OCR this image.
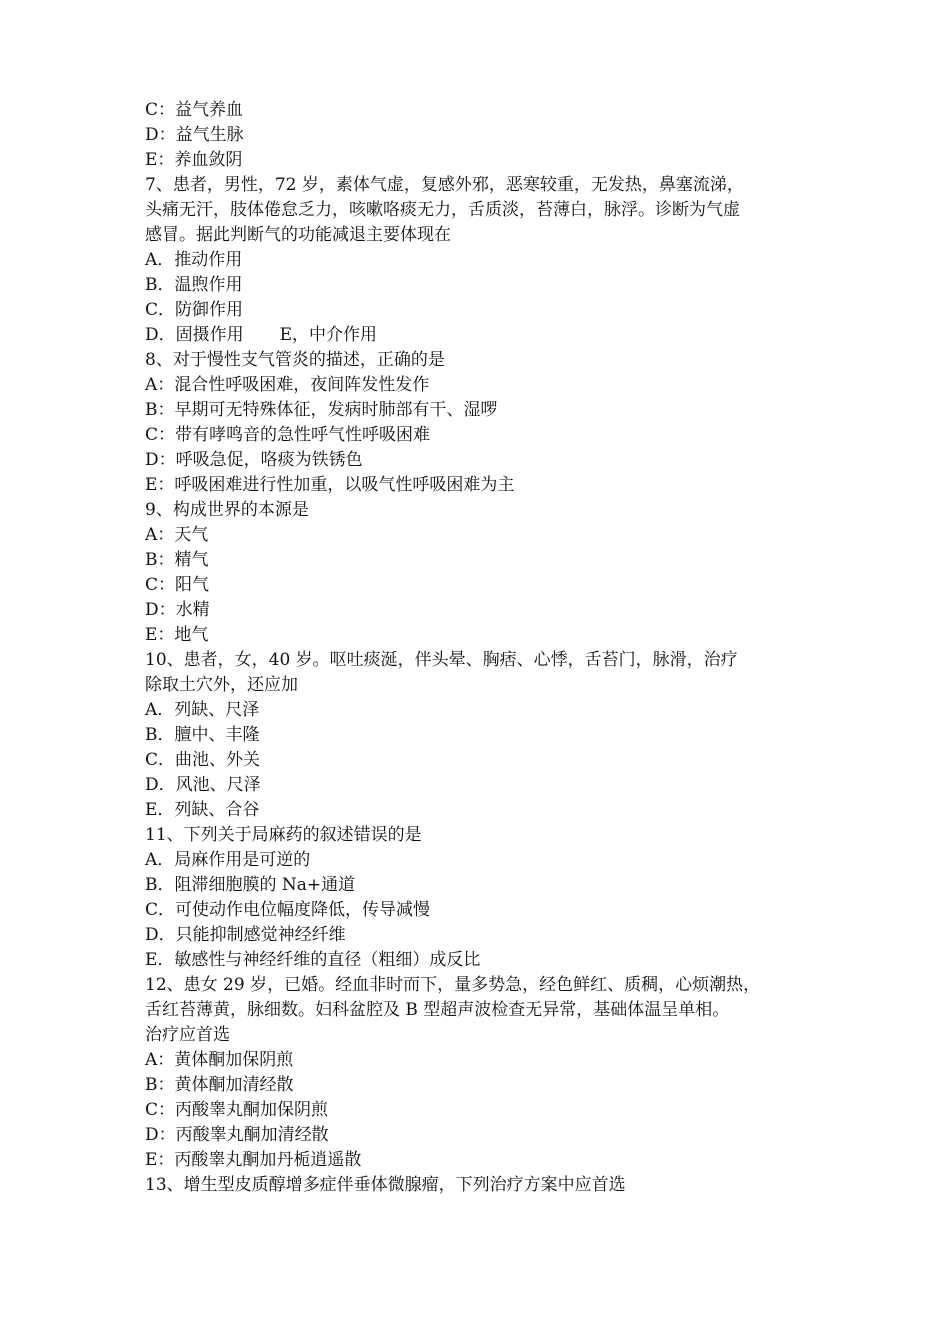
C：益气养血
D：益气生脉
E：养血敛阴
7、患者，男性，72 岁，素体气虚，复感外邪，恶寒较重，无发热，鼻塞流涕，
头痛无汗，肢体倦怠乏力，咳嗽咯痰无力，舌质淡，苔薄白，脉浮。诊断为气虚
感冒。据此判断气的功能减退主要体现在
A．推动作用
B．温煦作用
C．防御作用
D．固摄作用 E，中介作用
8、对于慢性支气管炎的描述，正确的是
A：混合性呼吸困难，夜间阵发性发作
B：早期可无特殊体征，发病时肺部有干、湿啰
C：带有哮鸣音的急性呼气性呼吸困难
D：呼吸急促，咯痰为铁锈色
E：呼吸困难进行性加重，以吸气性呼吸困难为主
9、构成世界的本源是
A：天气
B：精气
C：阳气
D：水精
E：地气
10、患者，女，40 岁。呕吐痰涎，伴头晕、胸痞、心悸，舌苔门，脉滑，治疗
除取土穴外，还应加
A．列缺、尺泽
B．膻中、丰隆
C．曲池、外关
D．风池、尺泽
E．列缺、合谷
11、下列关于局麻药的叙述错误的是
A．局麻作用是可逆的
B．阻滞细胞膜的 Na+通道
C．可使动作电位幅度降低，传导减慢
D．只能抑制感觉神经纤维
E．敏感性与神经纤维的直径（粗细）成反比
12、患女 29 岁，已婚。经血非时而下，量多势急，经色鲜红、质稠，心烦潮热，
舌红苔薄黄，脉细数。妇科盆腔及 B 型超声波检查无异常，基础体温呈单相。
治疗应首选
A：黄体酮加保阴煎
B：黄体酮加清经散
C：丙酸睾丸酮加保阴煎
D：丙酸睾丸酮加清经散
E：丙酸睾丸酮加丹栀逍遥散
13、增生型皮质醇增多症伴垂体微腺瘤，下列治疗方案中应首选
